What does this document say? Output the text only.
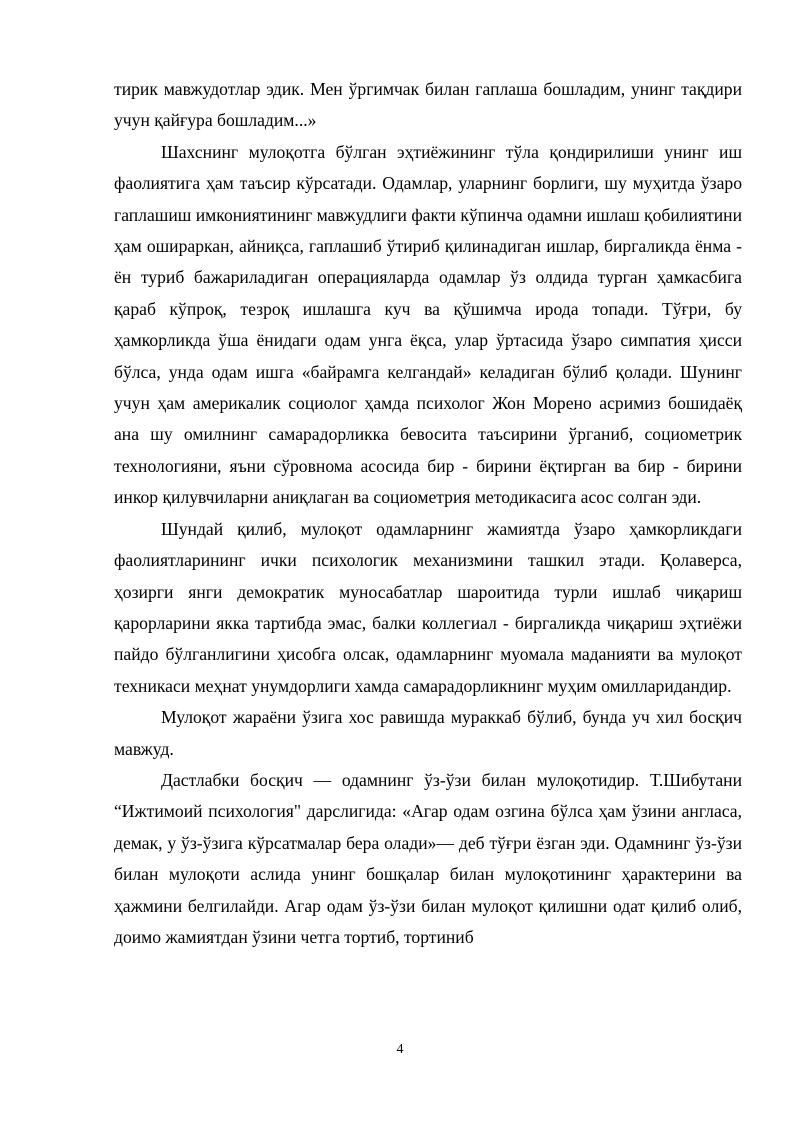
тирик мавжудотлар эдик. Мен ўргимчак билан гаплаша бошладим, унинг тақдири учун қайғура бошладим...»

Шахснинг мулоқотга бўлган эҳтиёжининг тўла қондирилиши унинг иш фаолиятига ҳам таъсир кўрсатади. Одамлар, уларнинг борлиги, шу муҳитда ўзаро гаплашиш имкониятининг мавжудлиги факти кўпинча одамни ишлаш қобилиятини ҳам ошираркан, айниқса, гаплашиб ўтириб қилинадиган ишлар, биргаликда ёнма - ён туриб бажариладиган операцияларда одамлар ўз олдида турган ҳамкасбига қараб кўпроқ, тезроқ ишлашга куч ва қўшимча ирода топади. Тўғри, бу ҳамкорликда ўша ёнидаги одам унга ёқса, улар ўртасида ўзаро симпатия ҳисси бўлса, унда одам ишга «байрамга келгандай» келадиган бўлиб қолади. Шунинг учун ҳам америкалик социолог ҳамда психолог Жон Морено асримиз бошидаёқ ана шу омилнинг самарадорликка бевосита таъсирини ўрганиб, социометрик технологияни, яъни сўровнома асосида бир - бирини ёқтирган ва бир - бирини инкор қилувчиларни аниқлаган ва социометрия методикасига асос солган эди.

Шундай қилиб, мулоқот одамларнинг жамиятда ўзаро ҳамкорликдаги фаолиятларининг ички психологик механизмини ташкил этади. Қолаверса, ҳозирги янги демократик муносабатлар шароитида турли ишлаб чиқариш қарорларини якка тартибда эмас, балки коллегиал - биргаликда чиқариш эҳтиёжи пайдо бўлганлигини ҳисобга олсак, одамларнинг муомала маданияти ва мулоқот техникаси меҳнат унумдорлиги хамда самарадорликнинг муҳим омилларидандир.

Мулоқот жараёни ўзига хос равишда мураккаб бўлиб, бунда уч хил босқич мавжуд.

Дастлабки босқич — одамнинг ўз-ўзи билан мулоқотидир. Т.Шибутани “Ижтимоий психология" дарслигида: «Агар одам озгина бўлса ҳам ўзини англаса, демак, у ўз-ўзига кўрсатмалар бера олади»— деб тўғри ёзган эди. Одамнинг ўз-ўзи билан мулоқоти аслида унинг бошқалар билан мулоқотининг ҳарактерини ва ҳажмини белгилайди. Агар одам ўз-ўзи билан мулоқот қилишни одат қилиб олиб, доимо жамиятдан ўзини четга тортиб, тортиниб

4
